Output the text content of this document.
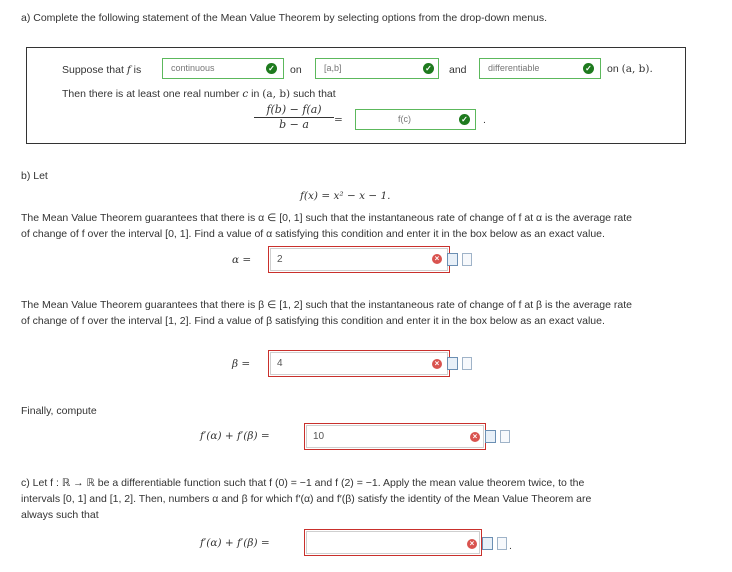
a) Complete the following statement of the Mean Value Theorem by selecting options from the drop-down menus.
Suppose that f is	continuous	✓ on	[a,b]	✓ and	differentiable	✓ on (a, b).
Then there is at least one real number c in (a, b) such that
$\frac{f(b) - f(a)}{b - a}$ =	f(c)	✓ .
b) Let
f(x) = x² − x − 1.
The Mean Value Theorem guarantees that there is α ∈ [0, 1] such that the instantaneous rate of change of f at α is the average rate
of change of f over the interval [0, 1]. Find a value of α satisfying this condition and enter it in the box below as an exact value.
α =	2	×
The Mean Value Theorem guarantees that there is β ∈ [1, 2] such that the instantaneous rate of change of f at β is the average rate
of change of f over the interval [1, 2]. Find a value of β satisfying this condition and enter it in the box below as an exact value.
β =	4	×
Finally, compute
f′(α) + f′(β) =	10	×
c) Let f : ℝ → ℝ be a differentiable function such that f (0) = −1 and f (2) = −1. Apply the mean value theorem twice, to the
intervals [0, 1] and [1, 2]. Then, numbers α and β for which f′(α) and f′(β) satisfy the identity of the Mean Value Theorem are
always such that
f′(α) + f′(β) =	×	.
